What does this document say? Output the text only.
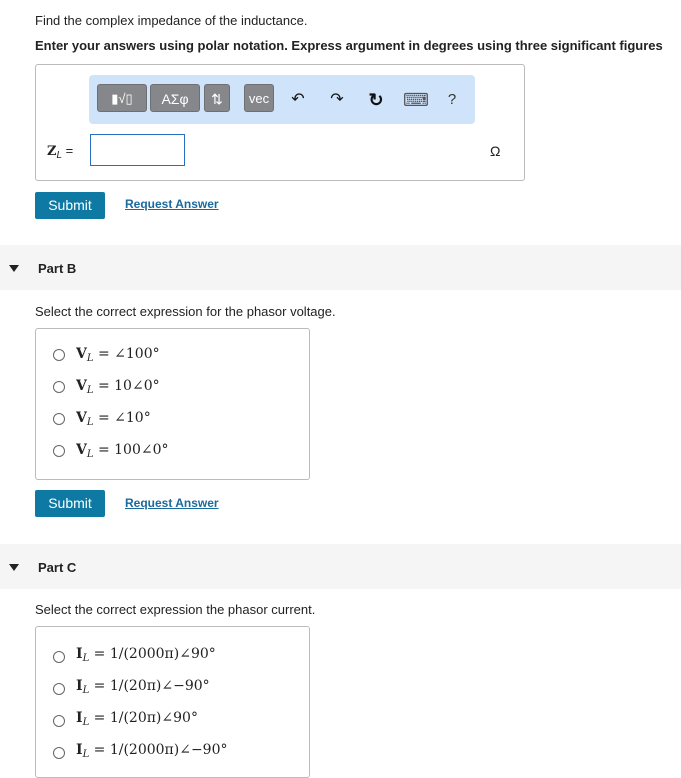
Find the complex impedance of the inductance.
Enter your answers using polar notation. Express argument in degrees using three significant figures
▮√▯	ΑΣφ	⇅	vec	↶ ↷ ↻ ⌨	?
$Z_L$ =	Ω
Submit	Request Answer
Part B
Select the correct expression for the phasor voltage.
$V_L$ = ∠100°
$V_L$ = 10∠0°
$V_L$ = ∠10°
$V_L$ = 100∠0°
Submit	Request Answer
Part C
Select the correct expression the phasor current.
$I_L$ = 1/(2000π)∠90°
$I_L$ = 1/(20π)∠−90°
$I_L$ = 1/(20π)∠90°
$I_L$ = 1/(2000π)∠−90°
